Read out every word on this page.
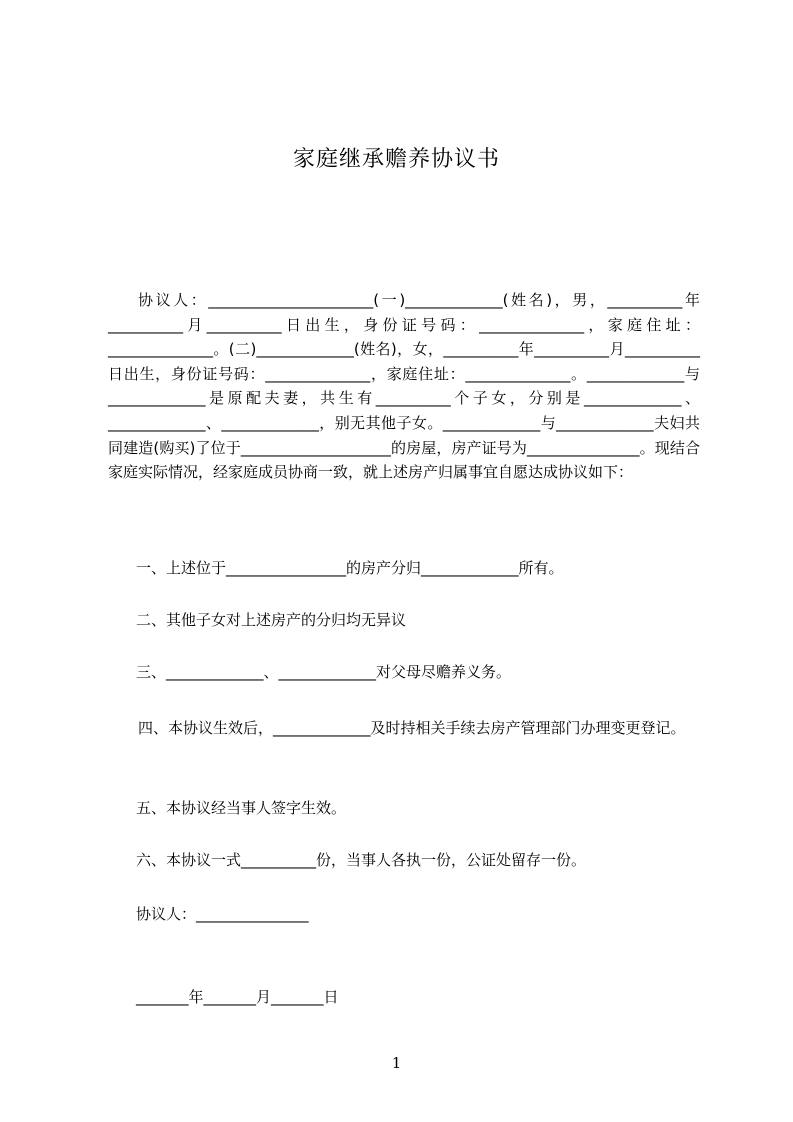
家庭继承赡养协议书
协议人：______________________(一)_____________(姓名)，男，__________年__________月__________日出生，身份证号码：______________，家庭住址：______________。(二)_____________(姓名)，女，__________年__________月__________日出生，身份证号码：______________，家庭住址：______________。_____________与_____________是原配夫妻，共生有__________个子女，分别是_____________、_____________、_____________，别无其他子女。_____________与_____________夫妇共同建造(购买)了位于____________________的房屋，房产证号为_______________。现结合家庭实际情况，经家庭成员协商一致，就上述房产归属事宜自愿达成协议如下：
一、上述位于________________的房产分归_____________所有。
二、其他子女对上述房产的分归均无异议
三、_____________、_____________对父母尽赡养义务。
四、本协议生效后，_____________及时持相关手续去房产管理部门办理变更登记。
五、本协议经当事人签字生效。
六、本协议一式__________份，当事人各执一份，公证处留存一份。
协议人：_______________
_______年_______月_______日
1
